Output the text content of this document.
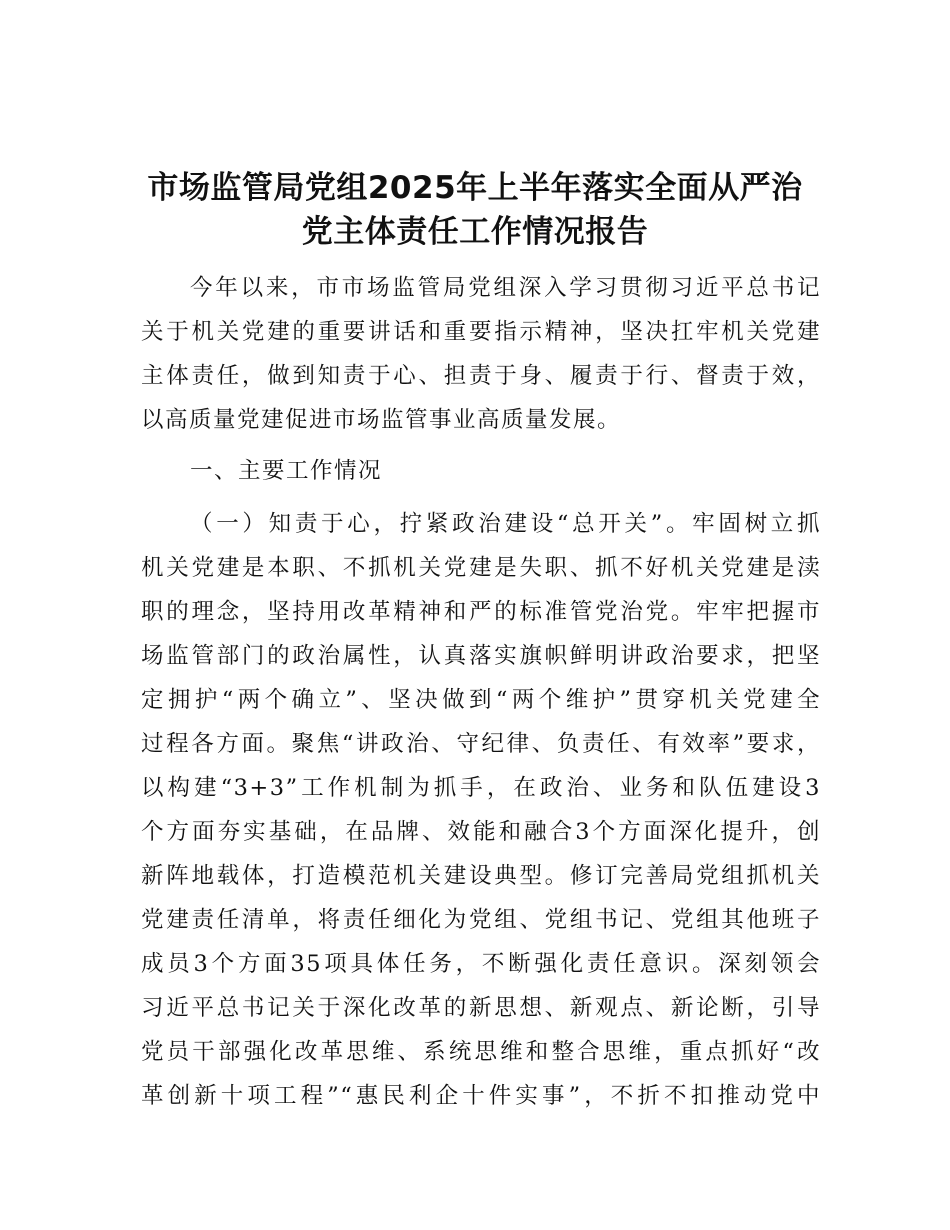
市场监管局党组2025年上半年落实全面从严治
党主体责任工作情况报告
今年以来，市市场监管局党组深入学习贯彻习近平总书记
关于机关党建的重要讲话和重要指示精神，坚决扛牢机关党建
主体责任，做到知责于心、担责于身、履责于行、督责于效，
以高质量党建促进市场监管事业高质量发展。
一、主要工作情况
（一）知责于心，拧紧政治建设“总开关”。牢固树立抓
机关党建是本职、不抓机关党建是失职、抓不好机关党建是渎
职的理念，坚持用改革精神和严的标准管党治党。牢牢把握市
场监管部门的政治属性，认真落实旗帜鲜明讲政治要求，把坚
定拥护“两个确立”、坚决做到“两个维护”贯穿机关党建全
过程各方面。聚焦“讲政治、守纪律、负责任、有效率”要求，
以构建“3+3”工作机制为抓手，在政治、业务和队伍建设3
个方面夯实基础，在品牌、效能和融合3个方面深化提升，创
新阵地载体，打造模范机关建设典型。修订完善局党组抓机关
党建责任清单，将责任细化为党组、党组书记、党组其他班子
成员3个方面35项具体任务，不断强化责任意识。深刻领会
习近平总书记关于深化改革的新思想、新观点、新论断，引导
党员干部强化改革思维、系统思维和整合思维，重点抓好“改
革创新十项工程”“惠民利企十件实事”，不折不扣推动党中
